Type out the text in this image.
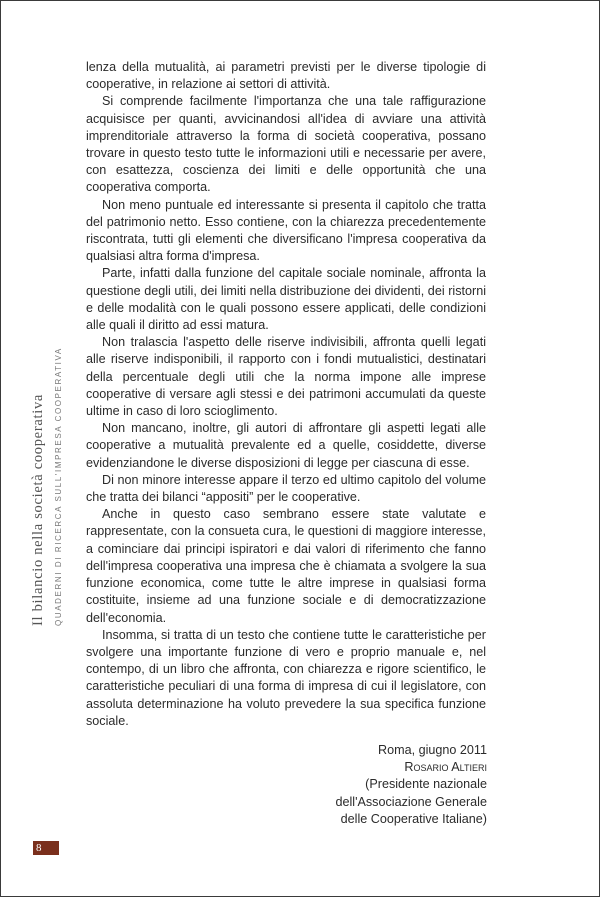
Il bilancio nella società cooperativa QUADERNI DI RICERCA SULL'IMPRESA COOPERATIVA

lenza della mutualità, ai parametri previsti per le diverse tipologie di cooperative, in relazione ai settori di attività.

Si comprende facilmente l'importanza che una tale raffigurazione acquisisce per quanti, avvicinandosi all'idea di avviare una attività imprenditoriale attraverso la forma di società cooperativa, possano trovare in questo testo tutte le informazioni utili e necessarie per avere, con esattezza, coscienza dei limiti e delle opportunità che una cooperativa comporta.

Non meno puntuale ed interessante si presenta il capitolo che tratta del patrimonio netto. Esso contiene, con la chiarezza precedentemente riscontrata, tutti gli elementi che diversificano l'impresa cooperativa da qualsiasi altra forma d'impresa.

Parte, infatti dalla funzione del capitale sociale nominale, affronta la questione degli utili, dei limiti nella distribuzione dei dividenti, dei ristorni e delle modalità con le quali possono essere applicati, delle condizioni alle quali il diritto ad essi matura.

Non tralascia l'aspetto delle riserve indivisibili, affronta quelli legati alle riserve indisponibili, il rapporto con i fondi mutualistici, destinatari della percentuale degli utili che la norma impone alle imprese cooperative di versare agli stessi e dei patrimoni accumulati da queste ultime in caso di loro scioglimento.

Non mancano, inoltre, gli autori di affrontare gli aspetti legati alle cooperative a mutualità prevalente ed a quelle, cosiddette, diverse evidenziandone le diverse disposizioni di legge per ciascuna di esse.

Di non minore interesse appare il terzo ed ultimo capitolo del volume che tratta dei bilanci “appositi” per le cooperative.

Anche in questo caso sembrano essere state valutate e rappresentate, con la consueta cura, le questioni di maggiore interesse, a cominciare dai principi ispiratori e dai valori di riferimento che fanno dell'impresa cooperativa una impresa che è chiamata a svolgere la sua funzione economica, come tutte le altre imprese in qualsiasi forma costituite, insieme ad una funzione sociale e di democratizzazione dell'economia.

Insomma, si tratta di un testo che contiene tutte le caratteristiche per svolgere una importante funzione di vero e proprio manuale e, nel contempo, di un libro che affronta, con chiarezza e rigore scientifico, le caratteristiche peculiari di una forma di impresa di cui il legislatore, con assoluta determinazione ha voluto prevedere la sua specifica funzione sociale.

Roma, giugno 2011
Rosario Altieri
(Presidente nazionale
dell'Associazione Generale
delle Cooperative Italiane)
8
